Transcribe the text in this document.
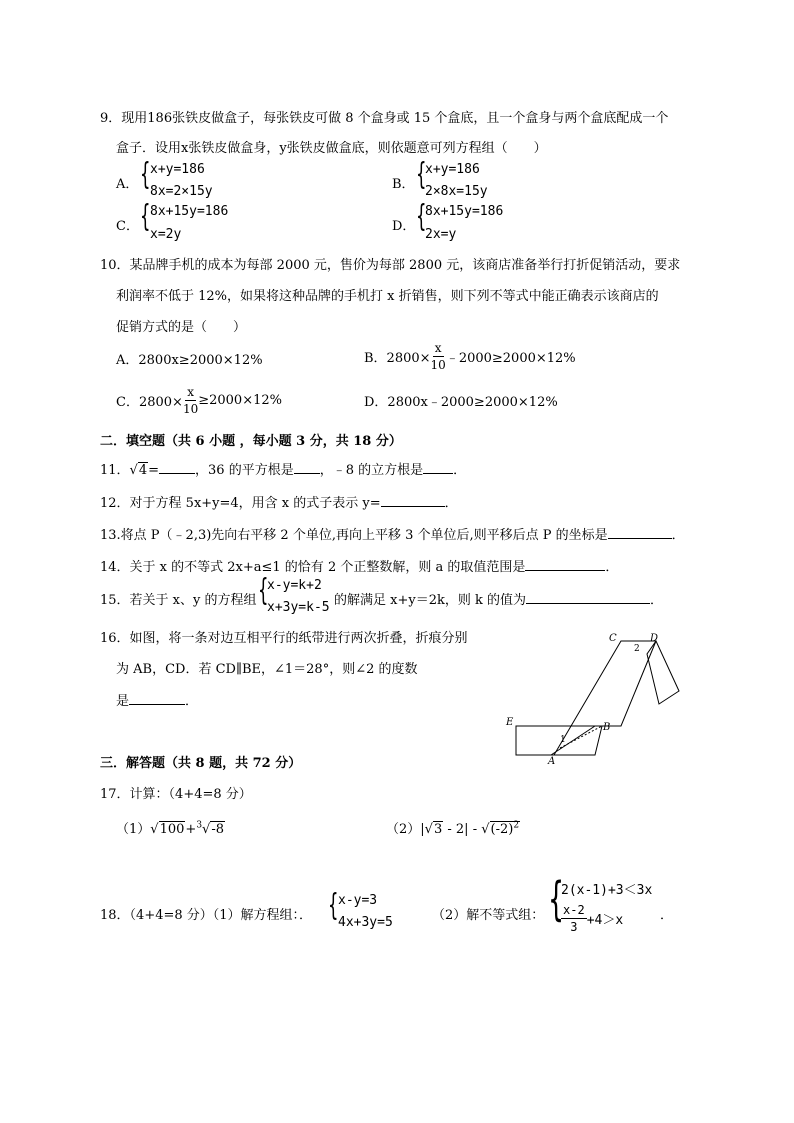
9．现用186张铁皮做盒子，每张铁皮可做 8 个盒身或 15 个盒底，且一个盒身与两个盒底配成一个
盒子．设用x张铁皮做盒身，y张铁皮做盒底，则依题意可列方程组（　　）
A． { x+y=186
8x=2×15y	B． {
x+y=186
2×8x=15y
C． { 8x+15y=186
x=2y
D． {
8x+15y=186
2x=y
10．某品牌手机的成本为每部 2000 元，售价为每部 2800 元，该商店准备举行打折促销活动，要求
利润率不低于 12%，如果将这种品牌的手机打 x 折销售，则下列不等式中能正确表示该商店的
促销方式的是（　　）
A．2800x≥2000×12%	B．$2800\times \frac{x}{10}$ ﹣2000≥2000×12%
C．$2800\times \frac{x}{10} \ge 2000\times 12\%$	D．2800x﹣2000≥2000×12%
二．填空题（共 6 小题 ，每小题 3 分，共 18 分）
11．√4=	，36 的平方根是 ，﹣8 的立方根是 ．
12．对于方程 5x+y=4，用含 x 的式子表示 y=	．
13.将点 P（﹣2,3)先向右平移 2 个单位,再向上平移 3 个单位后,则平移后点 P 的坐标是	．
14．关于 x 的不等式 2x+a≤1 的恰有 2 个正整数解，则 a 的取值范围是	．
15．若关于 x、y 的方程组 {
x-y=k+2
x+3y=k-5 的解满足 x+y＝2k，则 k 的值为	．
16．如图，将一条对边互相平行的纸带进行两次折叠，折痕分别
为 AB，CD．若 CD∥BE，∠1＝28°，则∠2 的度数
是	．
C	D
2
E	B
1
A
三．解答题（共 8 题，共 72 分）
17．计算：（4+4=8 分）
（1）√100+$^3$√-8	$(2)|√3 - 2| - √(-2)^2$
18．（4+4=8 分）（1）解方程组：． { x-y=3
4x+3y=5	（2）解不等式组： {
2(x-1)+3＜3x
$\frac{x-2}{3} +4>x$	．
